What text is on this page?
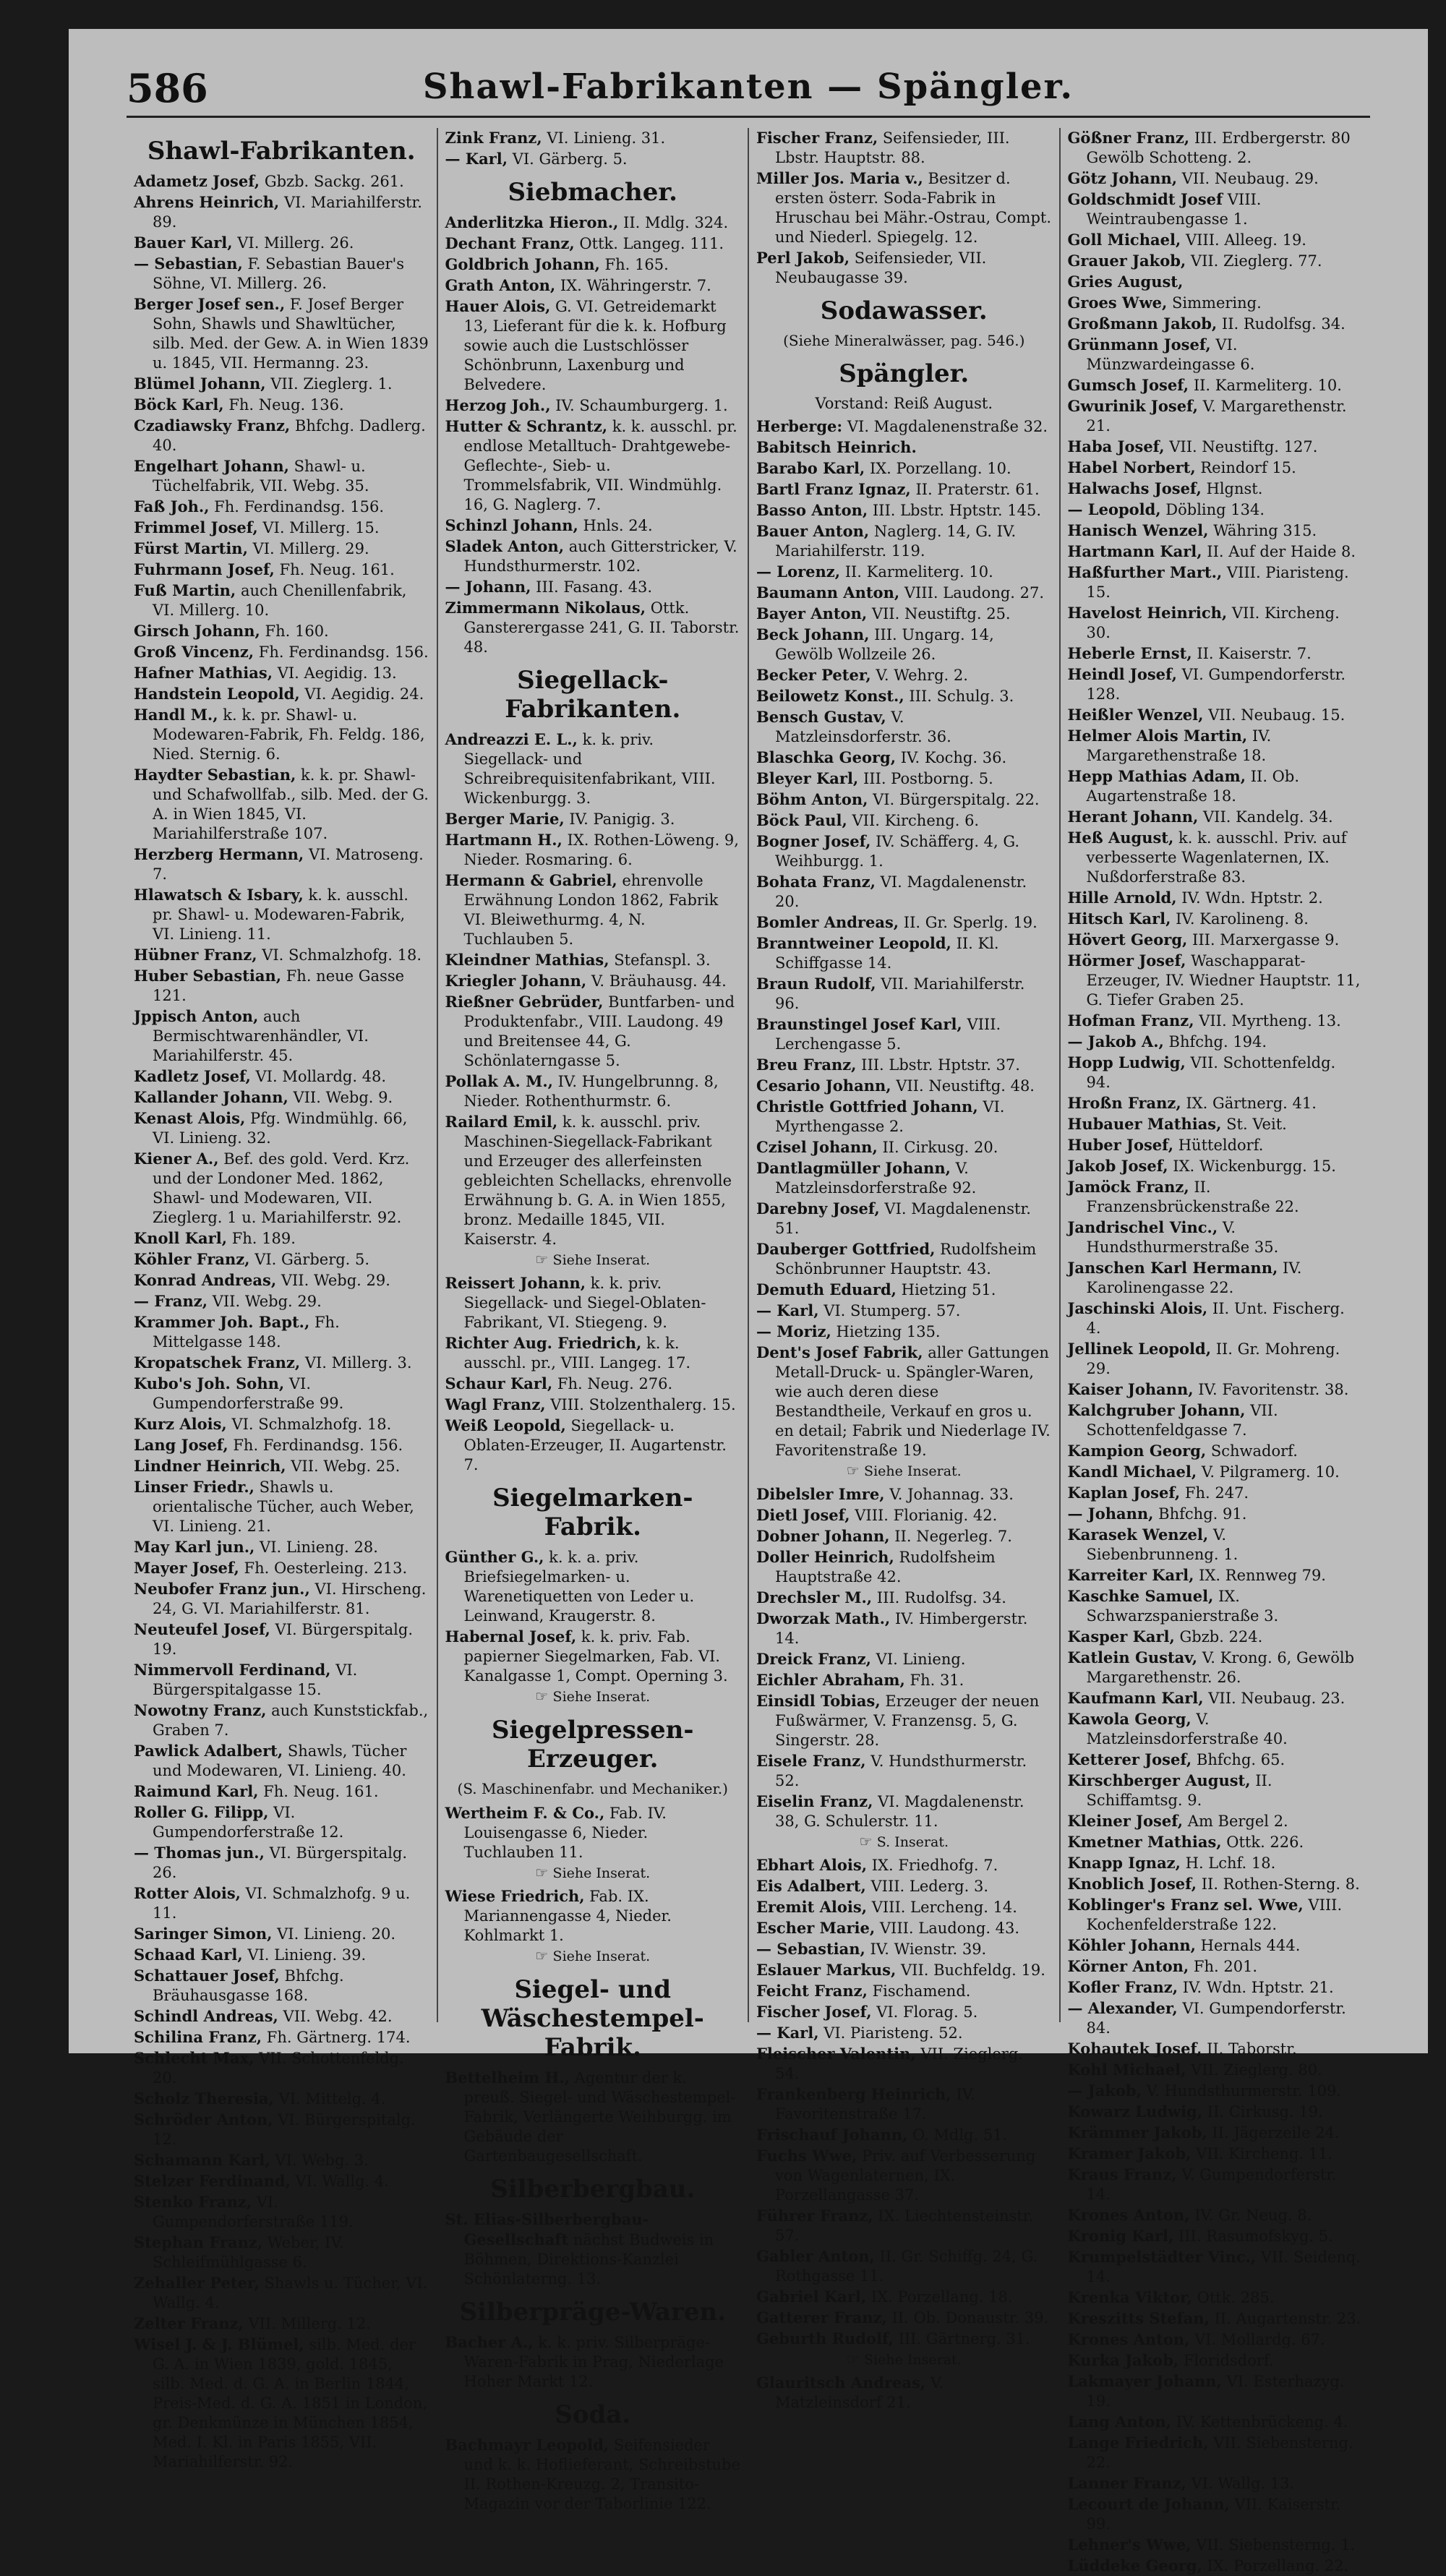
586	Shawl-Fabrikanten — Spängler.
Shawl-Fabrikanten.
Adametz Josef, Gbzb. Sackg. 261.
Ahrens Heinrich, VI. Mariahilferstr. 89.
Bauer Karl, VI. Millerg. 26.
— Sebastian, F. Sebastian Bauer's Söhne, VI. Millerg. 26.
Berger Josef sen., F. Josef Berger Sohn, Shawls und Shawltücher, silb. Med. der Gew. A. in Wien 1839 u. 1845, VII. Hermanng. 23.
Blümel Johann, VII. Zieglerg. 1.
Böck Karl, Fh. Neug. 136.
Czadiawsky Franz, Bhfchg. Dadlerg. 40.
Engelhart Johann, Shawl- u. Tüchelfabrik, VII. Webg. 35.
Faß Joh., Fh. Ferdinandsg. 156.
Frimmel Josef, VI. Millerg. 15.
Fürst Martin, VI. Millerg. 29.
Fuhrmann Josef, Fh. Neug. 161.
Fuß Martin, auch Chenillenfabrik, VI. Millerg. 10.
Girsch Johann, Fh. 160.
Groß Vincenz, Fh. Ferdinandsg. 156.
Hafner Mathias, VI. Aegidig. 13.
Handstein Leopold, VI. Aegidig. 24.
Handl M., k. k. pr. Shawl- u. Modewaren-Fabrik, Fh. Feldg. 186, Nied. Sternig. 6.
Haydter Sebastian, k. k. pr. Shawl- und Schafwollfab., silb. Med. der G. A. in Wien 1845, VI. Mariahilferstraße 107.
Herzberg Hermann, VI. Matroseng. 7.
Hlawatsch & Isbary, k. k. ausschl. pr. Shawl- u. Modewaren-Fabrik, VI. Linieng. 11.
Hübner Franz, VI. Schmalzhofg. 18.
Huber Sebastian, Fh. neue Gasse 121.
Jppisch Anton, auch Bermischtwarenhändler, VI. Mariahilferstr. 45.
Kadletz Josef, VI. Mollardg. 48.
Kallander Johann, VII. Webg. 9.
Kenast Alois, Pfg. Windmühlg. 66, VI. Linieng. 32.
Kiener A., Bef. des gold. Verd. Krz. und der Londoner Med. 1862, Shawl- und Modewaren, VII. Zieglerg. 1 u. Mariahilferstr. 92.
Knoll Karl, Fh. 189.
Köhler Franz, VI. Gärberg. 5.
Konrad Andreas, VII. Webg. 29.
— Franz, VII. Webg. 29.
Krammer Joh. Bapt., Fh. Mittelgasse 148.
Kropatschek Franz, VI. Millerg. 3.
Kubo's Joh. Sohn, VI. Gumpendorferstraße 99.
Kurz Alois, VI. Schmalzhofg. 18.
Lang Josef, Fh. Ferdinandsg. 156.
Lindner Heinrich, VII. Webg. 25.
Linser Friedr., Shawls u. orientalische Tücher, auch Weber, VI. Linieng. 21.
May Karl jun., VI. Linieng. 28.
Mayer Josef, Fh. Oesterleing. 213.
Neubofer Franz jun., VI. Hirscheng. 24, G. VI. Mariahilferstr. 81.
Neuteufel Josef, VI. Bürgerspitalg. 19.
Nimmervoll Ferdinand, VI. Bürgerspitalgasse 15.
Nowotny Franz, auch Kunststickfab., Graben 7.
Pawlick Adalbert, Shawls, Tücher und Modewaren, VI. Linieng. 40.
Raimund Karl, Fh. Neug. 161.
Roller G. Filipp, VI. Gumpendorferstraße 12.
— Thomas jun., VI. Bürgerspitalg. 26.
Rotter Alois, VI. Schmalzhofg. 9 u. 11.
Saringer Simon, VI. Linieng. 20.
Schaad Karl, VI. Linieng. 39.
Schattauer Josef, Bhfchg. Bräuhausgasse 168.
Schindl Andreas, VII. Webg. 42.
Schilina Franz, Fh. Gärtnerg. 174.
Schlecht Max, VII. Schottenfeldg. 20.
Scholz Theresia, VI. Mittelg. 4.
Schröder Anton, VI. Bürgerspitalg. 12.
Schamann Karl, VI. Webg. 3.
Stelzer Ferdinand, VI. Wallg. 4.
Stenko Franz, VI. Gumpendorferstraße 119.
Stephan Franz, Weber, IV. Schleifmühlgasse 6.
Zehaller Peter, Shawls u. Tücher, VI. Wallg. 4.
Zelter Franz, VII. Millerg. 12.
Wisel J. & J. Blümel, silb. Med. der G. A. in Wien 1839, gold. 1845, silb. Med. d. G. A. in Berlin 1844, Preis-Med. d. G. A. 1851 in London, gr. Denkmünze in München 1854, Med. I. Kl. in Paris 1855, VII. Mariahilferstr. 92.
Zink Franz, VI. Linieng. 31.
— Karl, VI. Gärberg. 5.
Siebmacher.
Anderlitzka Hieron., II. Mdlg. 324.
Dechant Franz, Ottk. Langeg. 111.
Goldbrich Johann, Fh. 165.
Grath Anton, IX. Währingerstr. 7.
Hauer Alois, G. VI. Getreidemarkt 13, Lieferant für die k. k. Hofburg sowie auch die Lustschlösser Schönbrunn, Laxenburg und Belvedere.
Herzog Joh., IV. Schaumburgerg. 1.
Hutter & Schrantz, k. k. ausschl. pr. endlose Metalltuch- Drahtgewebe-Geflechte-, Sieb- u. Trommelsfabrik, VII. Windmühlg. 16, G. Naglerg. 7.
Schinzl Johann, Hnls. 24.
Sladek Anton, auch Gitterstricker, V. Hundsthurmerstr. 102.
— Johann, III. Fasang. 43.
Zimmermann Nikolaus, Ottk. Gansterergasse 241, G. II. Taborstr. 48.
Siegellack-Fabrikanten.
Andreazzi E. L., k. k. priv. Siegellack- und Schreibrequisitenfabrikant, VIII. Wickenburgg. 3.
Berger Marie, IV. Panigig. 3.
Hartmann H., IX. Rothen-Löweng. 9, Nieder. Rosmaring. 6.
Hermann & Gabriel, ehrenvolle Erwähnung London 1862, Fabrik VI. Bleiwethurmg. 4, N. Tuchlauben 5.
Kleindner Mathias, Stefanspl. 3.
Kriegler Johann, V. Bräuhausg. 44.
Rießner Gebrüder, Buntfarben- und Produktenfabr., VIII. Laudong. 49 und Breitensee 44, G. Schönlaterngasse 5.
Pollak A. M., IV. Hungelbrunng. 8, Nieder. Rothenthurmstr. 6.
Railard Emil, k. k. ausschl. priv. Maschinen-Siegellack-Fabrikant und Erzeuger des allerfeinsten gebleichten Schellacks, ehrenvolle Erwähnung b. G. A. in Wien 1855, bronz. Medaille 1845, VII. Kaiserstr. 4.
☞ Siehe Inserat.
Reissert Johann, k. k. priv. Siegellack- und Siegel-Oblaten-Fabrikant, VI. Stiegeng. 9.
Richter Aug. Friedrich, k. k. ausschl. pr., VIII. Langeg. 17.
Schaur Karl, Fh. Neug. 276.
Wagl Franz, VIII. Stolzenthalerg. 15.
Weiß Leopold, Siegellack- u. Oblaten-Erzeuger, II. Augartenstr. 7.
Siegelmarken-Fabrik.
Günther G., k. k. a. priv. Briefsiegelmarken- u. Warenetiquetten von Leder u. Leinwand, Kraugerstr. 8.
Habernal Josef, k. k. priv. Fab. papierner Siegelmarken, Fab. VI. Kanalgasse 1, Compt. Operning 3.
☞ Siehe Inserat.
Siegelpressen-Erzeuger.
(S. Maschinenfabr. und Mechaniker.)
Wertheim F. & Co., Fab. IV. Louisengasse 6, Nieder. Tuchlauben 11.
☞ Siehe Inserat.
Wiese Friedrich, Fab. IX. Mariannengasse 4, Nieder. Kohlmarkt 1.
☞ Siehe Inserat.
Siegel- und Wäschestempel-Fabrik.
Bettelheim H., Agentur der k. preuß. Siegel- und Wäschestempel-Fabrik, Verlängerte Weihburgg. im Gebäude der Gartenbaugesellschaft.
Silberbergbau.
St. Elias-Silberbergbau-Gesellschaft nächst Budweis in Böhmen, Direktions-Kanzlei Schönlaterng. 13.
Silberpräge-Waren.
Bacher A., k. k. priv. Silberpräge-Waren-Fabrik in Prag, Niederlage Hoher Markt 12.
Soda.
Bachmayr Leopold, Seifensieder und k. k. Hoflieferant, Schreibstube II. Rothen-Kreuzg. 2, Transito-Magazin vor der Taborlinie 122.
Fischer Franz, Seifensieder, III. Lbstr. Hauptstr. 88.
Miller Jos. Maria v., Besitzer d. ersten österr. Soda-Fabrik in Hruschau bei Mähr.-Ostrau, Compt. und Niederl. Spiegelg. 12.
Perl Jakob, Seifensieder, VII. Neubaugasse 39.
Sodawasser.
(Siehe Mineralwässer, pag. 546.)
Spängler.
Vorstand: Reiß August.
Herberge: VI. Magdalenenstraße 32.
Babitsch Heinrich.
Barabo Karl, IX. Porzellang. 10.
Bartl Franz Ignaz, II. Praterstr. 61.
Basso Anton, III. Lbstr. Hptstr. 145.
Bauer Anton, Naglerg. 14, G. IV. Mariahilferstr. 119.
— Lorenz, II. Karmeliterg. 10.
Baumann Anton, VIII. Laudong. 27.
Bayer Anton, VII. Neustiftg. 25.
Beck Johann, III. Ungarg. 14, Gewölb Wollzeile 26.
Becker Peter, V. Wehrg. 2.
Beilowetz Konst., III. Schulg. 3.
Bensch Gustav, V. Matzleinsdorferstr. 36.
Blaschka Georg, IV. Kochg. 36.
Bleyer Karl, III. Postborng. 5.
Böhm Anton, VI. Bürgerspitalg. 22.
Böck Paul, VII. Kircheng. 6.
Bogner Josef, IV. Schäfferg. 4, G. Weihburgg. 1.
Bohata Franz, VI. Magdalenenstr. 20.
Bomler Andreas, II. Gr. Sperlg. 19.
Branntweiner Leopold, II. Kl. Schiffgasse 14.
Braun Rudolf, VII. Mariahilferstr. 96.
Braunstingel Josef Karl, VIII. Lerchengasse 5.
Breu Franz, III. Lbstr. Hptstr. 37.
Cesario Johann, VII. Neustiftg. 48.
Christle Gottfried Johann, VI. Myrthengasse 2.
Czisel Johann, II. Cirkusg. 20.
Dantlagmüller Johann, V. Matzleinsdorferstraße 92.
Darebny Josef, VI. Magdalenenstr. 51.
Dauberger Gottfried, Rudolfsheim Schönbrunner Hauptstr. 43.
Demuth Eduard, Hietzing 51.
— Karl, VI. Stumperg. 57.
— Moriz, Hietzing 135.
Dent's Josef Fabrik, aller Gattungen Metall-Druck- u. Spängler-Waren, wie auch deren diese Bestandtheile, Verkauf en gros u. en detail; Fabrik und Niederlage IV. Favoritenstraße 19.
☞ Siehe Inserat.
Dibelsler Imre, V. Johannag. 33.
Dietl Josef, VIII. Florianig. 42.
Dobner Johann, II. Negerleg. 7.
Doller Heinrich, Rudolfsheim Hauptstraße 42.
Drechsler M., III. Rudolfsg. 34.
Dworzak Math., IV. Himbergerstr. 14.
Dreick Franz, VI. Linieng.
Eichler Abraham, Fh. 31.
Einsidl Tobias, Erzeuger der neuen Fußwärmer, V. Franzensg. 5, G. Singerstr. 28.
Eisele Franz, V. Hundsthurmerstr. 52.
Eiselin Franz, VI. Magdalenenstr. 38, G. Schulerstr. 11.
☞ S. Inserat.
Ebhart Alois, IX. Friedhofg. 7.
Eis Adalbert, VIII. Lederg. 3.
Eremit Alois, VIII. Lercheng. 14.
Escher Marie, VIII. Laudong. 43.
— Sebastian, IV. Wienstr. 39.
Eslauer Markus, VII. Buchfeldg. 19.
Feicht Franz, Fischamend.
Fischer Josef, VI. Florag. 5.
— Karl, VI. Piaristeng. 52.
Fleischer Valentin, VII. Zieglerg. 54.
Frankenberg Heinrich, IV. Favoritenstraße 17.
Frischauf Johann, O. Mdlg. 51.
Fuchs Wwe, Priv. auf Verbesserung von Wagenlaternen, IX. Porzellangasse 37.
Führer Franz, IX. Liechtensteinstr. 57.
Gabler Anton, II. Gr. Schiffg. 24, G. Rothgasse 11.
Gabriel Karl, IX. Porzellang. 18.
Gatterer Franz, II. Ob. Donaustr. 39.
Geburth Rudolf, III. Gärtnerg. 31.
☞ Siehe Inserat.
Glauritsch Andreas, V. Matzleinsdorf 21.
Gößner Franz, III. Erdbergerstr. 80 Gewölb Schotteng. 2.
Götz Johann, VII. Neubaug. 29.
Goldschmidt Josef VIII. Weintraubengasse 1.
Goll Michael, VIII. Alleeg. 19.
Grauer Jakob, VII. Zieglerg. 77.
Gries August,
Groes Wwe, Simmering.
Großmann Jakob, II. Rudolfsg. 34.
Grünmann Josef, VI. Münzwardeingasse 6.
Gumsch Josef, II. Karmeliterg. 10.
Gwurinik Josef, V. Margarethenstr. 21.
Haba Josef, VII. Neustiftg. 127.
Habel Norbert, Reindorf 15.
Halwachs Josef, Hlgnst.
— Leopold, Döbling 134.
Hanisch Wenzel, Währing 315.
Hartmann Karl, II. Auf der Haide 8.
Haßfurther Mart., VIII. Piaristeng. 15.
Havelost Heinrich, VII. Kircheng. 30.
Heberle Ernst, II. Kaiserstr. 7.
Heindl Josef, VI. Gumpendorferstr. 128.
Heißler Wenzel, VII. Neubaug. 15.
Helmer Alois Martin, IV. Margarethenstraße 18.
Hepp Mathias Adam, II. Ob. Augartenstraße 18.
Herant Johann, VII. Kandelg. 34.
Heß August, k. k. ausschl. Priv. auf verbesserte Wagenlaternen, IX. Nußdorferstraße 83.
Hille Arnold, IV. Wdn. Hptstr. 2.
Hitsch Karl, IV. Karolineng. 8.
Hövert Georg, III. Marxergasse 9.
Hörmer Josef, Waschapparat-Erzeuger, IV. Wiedner Hauptstr. 11, G. Tiefer Graben 25.
Hofman Franz, VII. Myrtheng. 13.
— Jakob A., Bhfchg. 194.
Hopp Ludwig, VII. Schottenfeldg. 94.
Hroßn Franz, IX. Gärtnerg. 41.
Hubauer Mathias, St. Veit.
Huber Josef, Hütteldorf.
Jakob Josef, IX. Wickenburgg. 15.
Jamöck Franz, II. Franzensbrückenstraße 22.
Jandrischel Vinc., V. Hundsthurmerstraße 35.
Janschen Karl Hermann, IV. Karolinengasse 22.
Jaschinski Alois, II. Unt. Fischerg. 4.
Jellinek Leopold, II. Gr. Mohreng. 29.
Kaiser Johann, IV. Favoritenstr. 38.
Kalchgruber Johann, VII. Schottenfeldgasse 7.
Kampion Georg, Schwadorf.
Kandl Michael, V. Pilgramerg. 10.
Kaplan Josef, Fh. 247.
— Johann, Bhfchg. 91.
Karasek Wenzel, V. Siebenbrunneng. 1.
Karreiter Karl, IX. Rennweg 79.
Kaschke Samuel, IX. Schwarzspanierstraße 3.
Kasper Karl, Gbzb. 224.
Katlein Gustav, V. Krong. 6, Gewölb Margarethenstr. 26.
Kaufmann Karl, VII. Neubaug. 23.
Kawola Georg, V. Matzleinsdorferstraße 40.
Ketterer Josef, Bhfchg. 65.
Kirschberger August, II. Schiffamtsg. 9.
Kleiner Josef, Am Bergel 2.
Kmetner Mathias, Ottk. 226.
Knapp Ignaz, H. Lchf. 18.
Knoblich Josef, II. Rothen-Sterng. 8.
Koblinger's Franz sel. Wwe, VIII. Kochenfelderstraße 122.
Köhler Johann, Hernals 444.
Körner Anton, Fh. 201.
Kofler Franz, IV. Wdn. Hptstr. 21.
— Alexander, VI. Gumpendorferstr. 84.
Kohautek Josef, II. Taborstr.
Kohl Michael, VII. Zieglerg. 80.
— Jakob, V. Hundsthurmerstr. 109.
Kowarz Ludwig, II. Cirkusg. 19.
Krämmer Jakob, II. Jägerzeile 24.
Kramer Jakob, VII. Kircheng. 11.
Kraus Franz, V. Gumpendorferstr. 14.
Krones Anton, IV. Gr. Neug. 8.
Kronig Karl, III. Rasumofskyg. 5.
Krumpelstädter Vinc., VII. Seidenq. 14.
Krenka Viktor, Ottk. 285.
Kreszitts Stefan, II. Augartenstr. 23.
Krones Anton, VI. Mollardg. 67.
Kurka Jakob, Floridsdorf.
Lakmayer Johann, VI. Esterhazyg. 19.
Lang Anton, IV. Kettenbrückeng. 4.
Lange Friedrich, VII. Siebensterng. 22.
Lanner Franz, VI. Wallg. 13.
Lecourt de Johann, VII. Kaiserstr. 99.
Lehner's Wwe, VII. Siebensterng. 1.
Lüddeke Georg, IX. Porzellang. 22.
